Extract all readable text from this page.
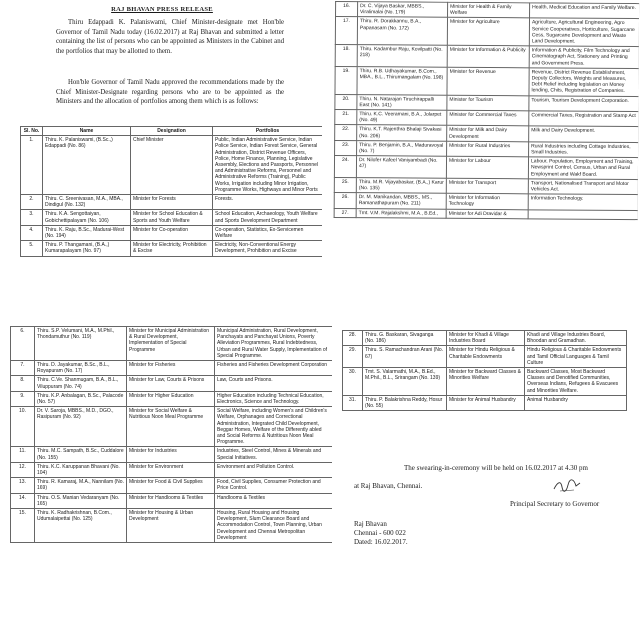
RAJ BHAVAN PRESS RELEASE

Thiru Edappadi K. Palaniswami, Chief Minister-designate met Hon'ble Governor of Tamil Nadu today (16.02.2017) at Raj Bhavan and submitted a letter containing the list of persons who can be appointed as Ministers in the Cabinet and the portfolios that may be allotted to them.

Hon'ble Governor of Tamil Nadu approved the recommendations made by the Chief Minister-Designate regarding persons who are to be appointed as the Ministers and the allocation of portfolios among them which is as follows:

Sl. No.	Name	Designation	Portfolios
1.	Thiru. K. Palaniswami, (B.Sc.,) Edappadi (No. 86)	Chief Minister	Public, Indian Administrative Service, Indian Police Service, Indian Forest Service, General Administration, District Revenue Officers, Police, Home Finance, Planning, Legislative Assembly, Elections and Passports, Personnel and Administrative Reforms, Personnel and Administrative Reforms (Training), Public Works, Irrigation including Minor Irrigation, Programme Works, Highways and Minor Ports
2.	Thiru. C. Sreenivasan, M.A., MBA., Dindigul (No. 132)	Minister for Forests	Forests.
3.	Thiru. K.A. Sengottaiyan, Gobichettipalayam (No. 106)	Minister for School Education & Sports and Youth Welfare	School Education, Archaeology, Youth Welfare and Sports Development Department
4.	Thiru. K. Raju, B.Sc., Madurai-West (No. 194)	Minister for Co-operation	Co-operation, Statistics, Ex-Servicemen Welfare
5.	Thiru. P. Thangamani, (B.A.,) Kumarapalayam (No. 97)	Minister for Electricity, Prohibition & Excise	Electricity, Non-Conventional Energy Development, Prohibition and Excise
16.	Dr. C. Vijaya Baskar, MBBS., Viralimalai (No. 179)	Minister for Health & Family Welfare	Health, Medical Education and Family Welfare.
17.	Thiru. R. Dorakkannu, B.A., Papanasam (No. 172)	Minister for Agriculture	Agriculture, Agricultural Engineering, Agro Service Cooperatives, Horticulture, Sugarcane Cess, Sugarcane Development and Waste Land Development.
18.	Thiru. Kadambur Raju, Kovilpatti (No. 218)	Minister for Information & Publicity	Information & Publicity, Film Technology and Cinematograph Act, Stationery and Printing and Government Press.
19.	Thiru. R.B. Udhayakumar, B.Com., MBA., B.L., Thirumangalam (No. 198)	Minister for Revenue	Revenue, District Revenue Establishment, Deputy Collectors, Weights and Measures, Debt Relief including legislation on Money lending, Chits, Registration of Companies.
20.	Thiru. N. Natarajan Tiruchirappalli East (No. 141)	Minister for Tourism	Tourism, Tourism Development Corporation.
21.	Thiru. K.C. Veeramani, B.A., Jolarpet (No. 49)	Minister for Commercial Taxes	Commercial Taxes, Registration and Stamp Act
22.	Thiru. K.T. Rajenthra Bhalaji Sivakasi (No. 206)	Minister for Milk and Dairy Development	Milk and Dairy Development.
23.	Thiru. P. Benjamin, B.A., Maduravoyal (No. 7)	Minister for Rural Industries	Rural Industries including Cottage Industries, Small Industries.
24.	Dr. Nilofer Kafeel Vaniyambadi (No. 47)	Minister for Labour	Labour, Population, Employment and Training, Newsprint Control, Census, Urban and Rural Employment and Wakf Board.
25.	Thiru. M.R. Vijayabaskar, (B.A.,) Karur (No. 135)	Minister for Transport	Transport, Nationalised Transport and Motor Vehicles Act.
26.	Dr. M. Manikandan, MBBS., MS., Ramanathapuram (No. 211)	Minister for Information Technology	Information Technology.
27.	Tmt. V.M. Rajalakshmi, M.A., B.Ed.,	Minister for Adi Dravidar &	
6.	Thiru. S.P. Velumani, M.A., M.Phil., Thondamuthur (No. 119)	Minister for Municipal Administration & Rural Development, Implementation of Special Programme	Municipal Administration, Rural Development, Panchayats and Panchayat Unions, Poverty Alleviation Programmes, Rural Indebtedness, Urban and Rural Water Supply, Implementation of Special Programme.
7.	Thiru. D. Jayakumar, B.Sc., B.L., Royapuram (No. 17)	Minister for Fisheries	Fisheries and Fisheries Development Corporation
8.	Thiru. C.Ve. Shanmugam, B.A., B.L., Viluppuram (No. 74)	Minister for Law, Courts & Prisons	Law, Courts and Prisons.
9.	Thiru. K.P. Anbalagan, B.Sc., Palacode (No. 57)	Minister for Higher Education	Higher Education including Technical Education, Electronics, Science and Technology.
10.	Dr. V. Saroja, MBBS., M.D., DGO., Rasipuram (No. 92)	Minister for Social Welfare & Nutritious Noon Meal Programme	Social Welfare, including Women's and Children's Welfare, Orphanages and Correctional Administration, Integrated Child Development, Beggar Homes, Welfare of the Differently abled and Social Reforms & Nutritious Noon Meal Programme.
11.	Thiru. M.C. Sampath, B.Sc., Cuddalore (No. 155)	Minister for Industries	Industries, Steel Control, Mines & Minerals and Special Initiatives.
12.	Thiru. K.C. Karuppanan Bhavani (No. 104)	Minister for Environment	Environment and Pollution Control.
13.	Thiru. R. Kamaraj, M.A., Nannilam (No. 169)	Minister for Food & Civil Supplies	Food, Civil Supplies, Consumer Protection and Price Control.
14.	Thiru. O.S. Manian Vedaranyam (No. 165)	Minister for Handlooms & Textiles	Handlooms & Textiles
15.	Thiru. K. Radhakrishnan, B.Com., Udumalaipettai (No. 125)	Minister for Housing & Urban Development	Housing, Rural Housing and Housing Development, Slum Clearance Board and Accommodation Control, Town Planning, Urban Development and Chennai Metropolitan Development
28.	Thiru. G. Baskaran, Sivaganga (No. 186)	Minister for Khadi & Village Industries Board	Khadi and Village Industries Board, Bhoodan and Gramadhan.
29.	Thiru. S. Ramachandran Arani (No. 67)	Minister for Hindu Religious & Charitable Endowments	Hindu Religious & Charitable Endowments and Tamil Official Languages & Tamil Culture
30.	Tmt. S. Valarmathi, M.A., B.Ed., M.Phil., B.L., Srirangam (No. 139)	Minister for Backward Classes & Minorities Welfare	Backward Classes, Most Backward Classes and Denotified Communities, Overseas Indians, Refugees & Evacuees and Minorities Welfare.
31.	Thiru. P. Balakrishna Reddy, Hosur (No. 55)	Minister for Animal Husbandry	Animal Husbandry
The swearing-in-ceremony will be held on 16.02.2017 at 4.30 pm
at Raj Bhavan, Chennai.
Principal Secretary to Governor
Raj Bhavan
Chennai - 600 022
Dated: 16.02.2017.
